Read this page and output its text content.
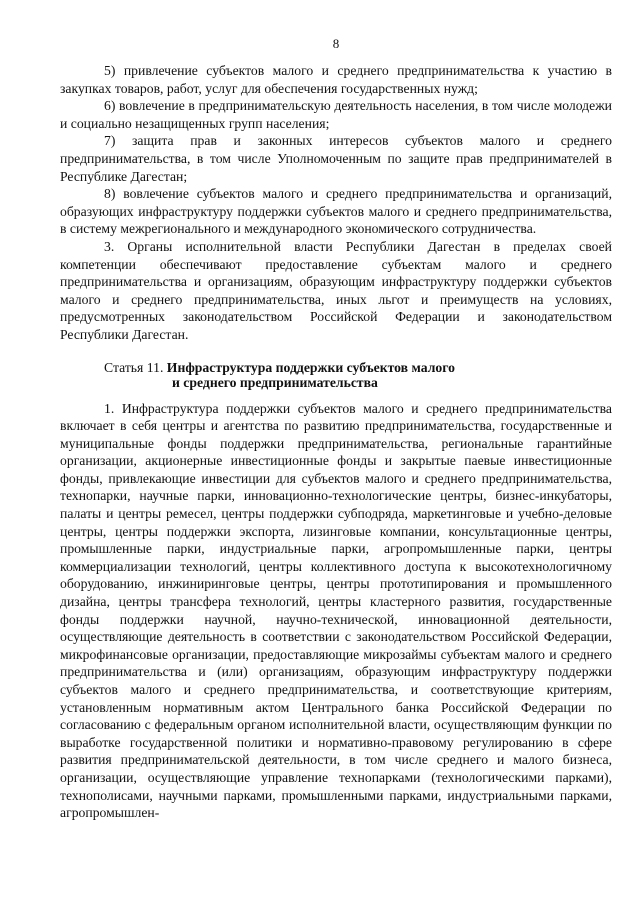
8

5) привлечение субъектов малого и среднего предпринимательства к участию в закупках товаров, работ, услуг для обеспечения государственных нужд;

6) вовлечение в предпринимательскую деятельность населения, в том числе молодежи и социально незащищенных групп населения;

7) защита прав и законных интересов субъектов малого и среднего предпринимательства, в том числе Уполномоченным по защите прав предпринимателей в Республике Дагестан;

8) вовлечение субъектов малого и среднего предпринимательства и организаций, образующих инфраструктуру поддержки субъектов малого и среднего предпринимательства, в систему межрегионального и международного экономического сотрудничества.

3. Органы исполнительной власти Республики Дагестан в пределах своей компетенции обеспечивают предоставление субъектам малого и среднего предпринимательства и организациям, образующим инфраструктуру поддержки субъектов малого и среднего предпринимательства, иных льгот и преимуществ на условиях, предусмотренных законодательством Российской Федерации и законодательством Республики Дагестан.

Статья 11. Инфраструктура поддержки субъектов малого
и среднего предпринимательства

1. Инфраструктура поддержки субъектов малого и среднего предпринимательства включает в себя центры и агентства по развитию предпринимательства, государственные и муниципальные фонды поддержки предпринимательства, региональные гарантийные организации, акционерные инвестиционные фонды и закрытые паевые инвестиционные фонды, привлекающие инвестиции для субъектов малого и среднего предпринимательства, технопарки, научные парки, инновационно-технологические центры, бизнес-инкубаторы, палаты и центры ремесел, центры поддержки субподряда, маркетинговые и учебно-деловые центры, центры поддержки экспорта, лизинговые компании, консультационные центры, промышленные парки, индустриальные парки, агропромышленные парки, центры коммерциализации технологий, центры коллективного доступа к высокотехнологичному оборудованию, инжиниринговые центры, центры прототипирования и промышленного дизайна, центры трансфера технологий, центры кластерного развития, государственные фонды поддержки научной, научно-технической, инновационной деятельности, осуществляющие деятельность в соответствии с законодательством Российской Федерации, микрофинансовые организации, предоставляющие микрозаймы субъектам малого и среднего предпринимательства и (или) организациям, образующим инфраструктуру поддержки субъектов малого и среднего предпринимательства, и соответствующие критериям, установленным нормативным актом Центрального банка Российской Федерации по согласованию с федеральным органом исполнительной власти, осуществляющим функции по выработке государственной политики и нормативно-правовому регулированию в сфере развития предпринимательской деятельности, в том числе среднего и малого бизнеса, организации, осуществляющие управление технопарками (технологическими парками), технополисами, научными парками, промышленными парками, индустриальными парками, агропромышлен-
